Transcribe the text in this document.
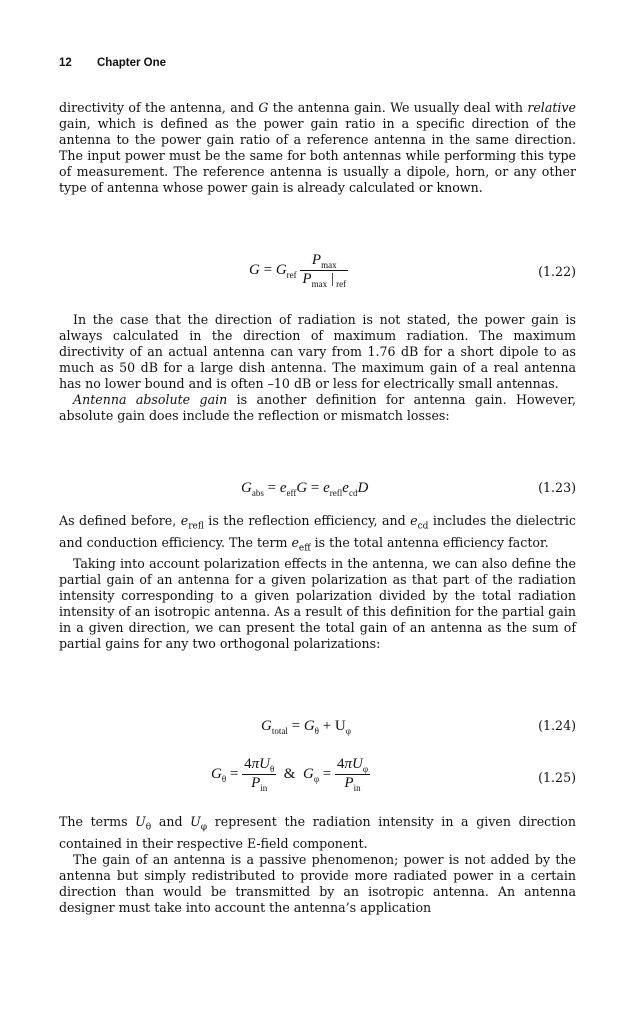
12 Chapter One

directivity of the antenna, and G the antenna gain. We usually deal with relative gain, which is defined as the power gain ratio in a specific direction of the antenna to the power gain ratio of a reference antenna in the same direction. The input power must be the same for both antennas while performing this type of measurement. The reference antenna is usually a dipole, horn, or any other type of antenna whose power gain is already calculated or known.

$G = G_{ref} \frac{P_{max}}{P_{max} | _{ref}}$	(1.22)

In the case that the direction of radiation is not stated, the power gain is always calculated in the direction of maximum radiation. The maximum directivity of an actual antenna can vary from 1.76 dB for a short dipole to as much as 50 dB for a large dish antenna. The maximum gain of a real antenna has no lower bound and is often –10 dB or less for electrically small antennas.

Antenna absolute gain is another definition for antenna gain. However, absolute gain does include the reflection or mismatch losses:

$G_{abs} = e_{eff}G = e_{refl}e_{cd}D$	(1.23)

As defined before, $e_{refl}$ is the reflection efficiency, and $e_{cd}$ includes the dielectric and conduction efficiency. The term $e_{eff}$ is the total antenna efficiency factor.

Taking into account polarization effects in the antenna, we can also define the partial gain of an antenna for a given polarization as that part of the radiation intensity corresponding to a given polarization divided by the total radiation intensity of an isotropic antenna. As a result of this definition for the partial gain in a given direction, we can present the total gain of an antenna as the sum of partial gains for any two orthogonal polarizations:

$G_{total} = G_\theta + U_\varphi$	(1.24)
$G_\theta = \frac{4\pi U_\theta}{P_{in}}$ &  $G_\varphi = \frac{4\pi U_\varphi}{P_{in}}$	(1.25)

The terms $U_\theta$ and $U_\varphi$ represent the radiation intensity in a given direction contained in their respective E-field component.

The gain of an antenna is a passive phenomenon; power is not added by the antenna but simply redistributed to provide more radiated power in a certain direction than would be transmitted by an isotropic antenna. An antenna designer must take into account the antenna’s application
